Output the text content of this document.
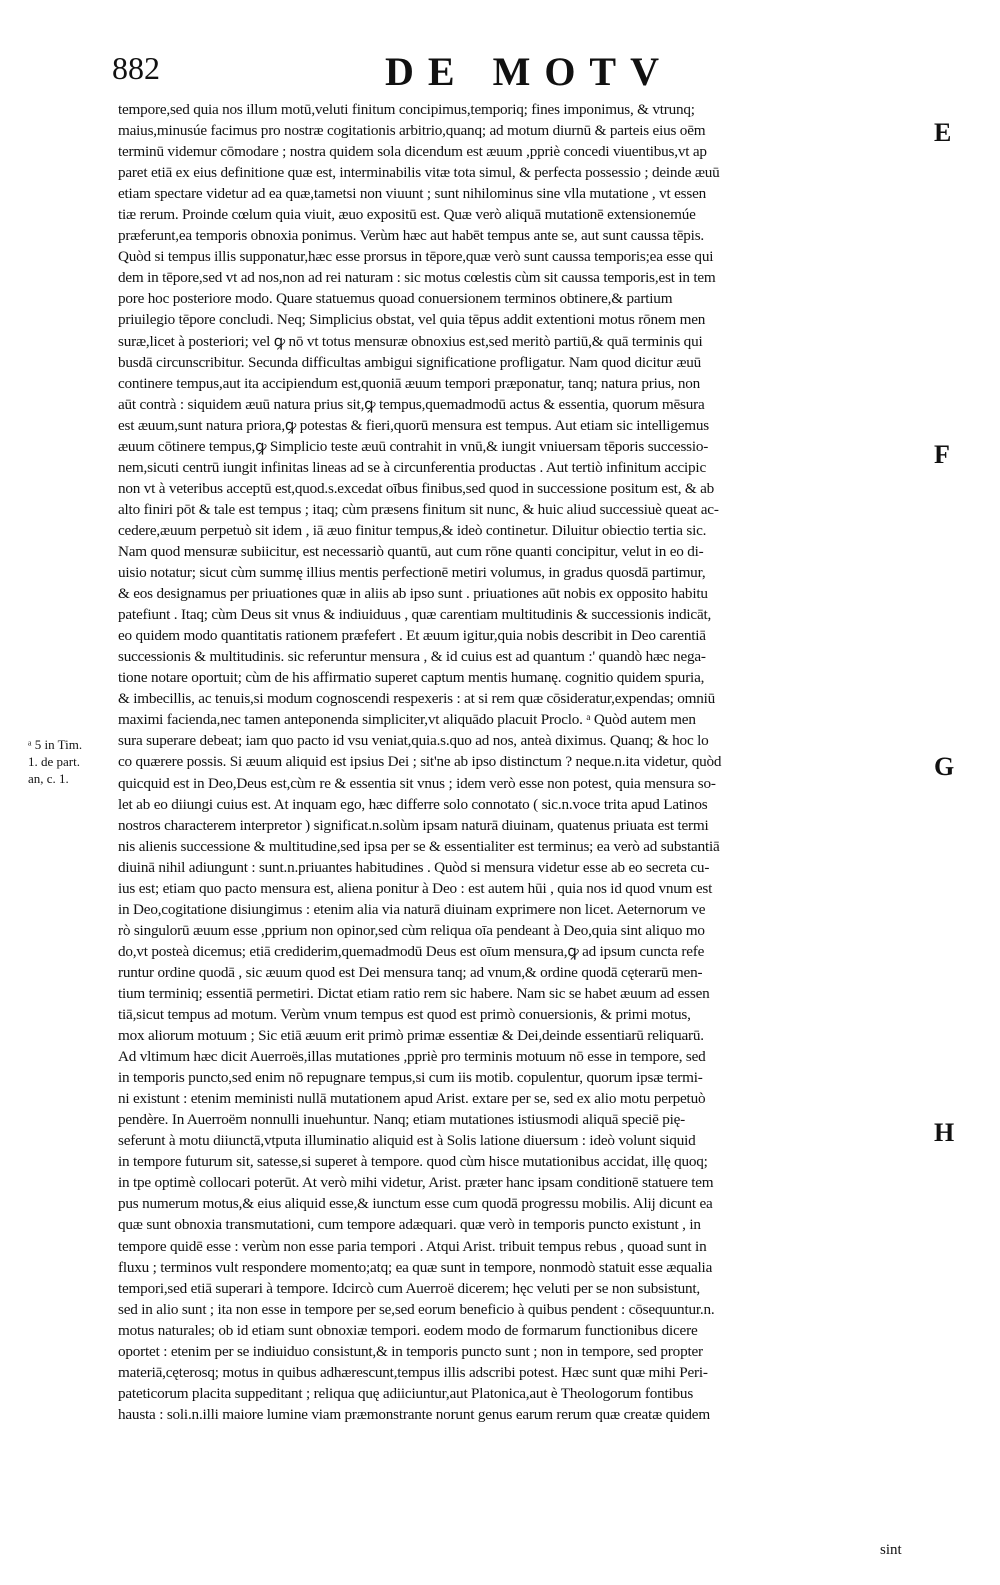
882	DE MOTV
E
F
G
H
ᵃ 5 in Tim.
1. de part.
an, c. 1.
tempore,sed quia nos illum motū,veluti finitum concipimus,temporiq; fines imponimus, & vtrunq;
maius,minusúe facimus pro nostræ cogitationis arbitrio,quanq; ad motum diurnū & parteis eius oēm
terminū videmur cōmodare ; nostra quidem sola dicendum est æuum ,ppriè concedi viuentibus,vt ap
paret etiā ex eius definitione quæ est, interminabilis vitæ tota simul, & perfecta possessio ; deinde æuū
etiam spectare videtur ad ea quæ,tametsi non viuunt ; sunt nihilominus sine vlla mutatione , vt essen
tiæ rerum. Proinde cœlum quia viuit, æuo expositū est. Quæ verò aliquā mutationē extensionemúe
præferunt,ea temporis obnoxia ponimus. Verùm hæc aut habēt tempus ante se, aut sunt caussa tēpis.
Quòd si tempus illis supponatur,hæc esse prorsus in tēpore,quæ verò sunt caussa temporis;ea esse qui
dem in tēpore,sed vt ad nos,non ad rei naturam : sic motus cœlestis cùm sit caussa temporis,est in tem
pore hoc posteriore modo. Quare statuemus quoad conuersionem terminos obtinere,& partium
priuilegio tēpore concludi. Neq; Simplicius obstat, vel quia tēpus addit extentioni motus rōnem men
suræ,licet à posteriori; vel ꝙ nō vt totus mensuræ obnoxius est,sed meritò partiū,& quā terminis qui
busdā circunscribitur. Secunda difficultas ambigui significatione profligatur. Nam quod dicitur æuū
continere tempus,aut ita accipiendum est,quoniā æuum tempori præponatur, tanq; natura prius, non
aūt contrà : siquidem æuū natura prius sit,ꝙ tempus,quemadmodū actus & essentia, quorum mēsura
est æuum,sunt natura priora,ꝙ potestas & fieri,quorū mensura est tempus. Aut etiam sic intelligemus
æuum cōtinere tempus,ꝙ Simplicio teste æuū contrahit in vnū,& iungit vniuersam tēporis successio-
nem,sicuti centrū iungit infinitas lineas ad se à circunferentia productas . Aut tertiò infinitum accipic
non vt à veteribus acceptū est,quod.s.excedat oībus finibus,sed quod in successione positum est, & ab
alto finiri pōt & tale est tempus ; itaq; cùm præsens finitum sit nunc, & huic aliud successiuè queat ac-
cedere,æuum perpetuò sit idem , iā æuo finitur tempus,& ideò continetur. Diluitur obiectio tertia sic.
Nam quod mensuræ subiicitur, est necessariò quantū, aut cum rōne quanti concipitur, velut in eo di-
uisio notatur; sicut cùm summę illius mentis perfectionē metiri volumus, in gradus quosdā partimur,
& eos designamus per priuationes quæ in aliis ab ipso sunt . priuationes aūt nobis ex opposito habitu
patefiunt . Itaq; cùm Deus sit vnus & indiuiduus , quæ carentiam multitudinis & successionis indicāt,
eo quidem modo quantitatis rationem præfefert . Et æuum igitur,quia nobis describit in Deo carentiā
successionis & multitudinis. sic referuntur mensura , & id cuius est ad quantum :' quandò hæc nega-
tione notare oportuit; cùm de his affirmatio superet captum mentis humanę. cognitio quidem spuria,
& imbecillis, ac tenuis,si modum cognoscendi respexeris : at si rem quæ cōsideratur,expendas; omniū
maximi facienda,nec tamen anteponenda simpliciter,vt aliquādo placuit Proclo. ᵃ Quòd autem men
sura superare debeat; iam quo pacto id vsu veniat,quia.s.quo ad nos, anteà diximus. Quanq; & hoc lo
co quærere possis. Si æuum aliquid est ipsius Dei ; sit'ne ab ipso distinctum ? neque.n.ita videtur, quòd
quicquid est in Deo,Deus est,cùm re & essentia sit vnus ; idem verò esse non potest, quia mensura so-
let ab eo diiungi cuius est. At inquam ego, hæc differre solo connotato ( sic.n.voce trita apud Latinos
nostros characterem interpretor ) significat.n.solùm ipsam naturā diuinam, quatenus priuata est termi
nis alienis successione & multitudine,sed ipsa per se & essentialiter est terminus; ea verò ad substantiā
diuinā nihil adiungunt : sunt.n.priuantes habitudines . Quòd si mensura videtur esse ab eo secreta cu-
ius est; etiam quo pacto mensura est, aliena ponitur à Deo : est autem hūi , quia nos id quod vnum est
in Deo,cogitatione disiungimus : etenim alia via naturā diuinam exprimere non licet. Aeternorum ve
rò singulorū æuum esse ,pprium non opinor,sed cùm reliqua oīa pendeant à Deo,quia sint aliquo mo
do,vt posteà dicemus; etiā crediderim,quemadmodū Deus est oīum mensura,ꝙ ad ipsum cuncta refe
runtur ordine quodā , sic æuum quod est Dei mensura tanq; ad vnum,& ordine quodā cęterarū men-
tium terminiq; essentiā permetiri. Dictat etiam ratio rem sic habere. Nam sic se habet æuum ad essen
tiā,sicut tempus ad motum. Verùm vnum tempus est quod est primò conuersionis, & primi motus,
mox aliorum motuum ; Sic etiā æuum erit primò primæ essentiæ & Dei,deinde essentiarū reliquarū.
Ad vltimum hæc dicit Auerroës,illas mutationes ,ppriè pro terminis motuum nō esse in tempore, sed
in temporis puncto,sed enim nō repugnare tempus,si cum iis motib. copulentur, quorum ipsæ termi-
ni existunt : etenim meministi nullā mutationem apud Arist. extare per se, sed ex alio motu perpetuò
pendère. In Auerroëm nonnulli inuehuntur. Nanq; etiam mutationes istiusmodi aliquā speciē pię-
seferunt à motu diiunctā,vtputa illuminatio aliquid est à Solis latione diuersum : ideò volunt siquid
in tempore futurum sit, satesse,si superet à tempore. quod cùm hisce mutationibus accidat, illę quoq;
in tpe optimè collocari poterūt. At verò mihi videtur, Arist. præter hanc ipsam conditionē statuere tem
pus numerum motus,& eius aliquid esse,& iunctum esse cum quodā progressu mobilis. Alij dicunt ea
quæ sunt obnoxia transmutationi, cum tempore adæquari. quæ verò in temporis puncto existunt , in
tempore quidē esse : verùm non esse paria tempori . Atqui Arist. tribuit tempus rebus , quoad sunt in
fluxu ; terminos vult respondere momento;atq; ea quæ sunt in tempore, nonmodò statuit esse æqualia
tempori,sed etiā superari à tempore. Idcircò cum Auerroë dicerem; hęc veluti per se non subsistunt,
sed in alio sunt ; ita non esse in tempore per se,sed eorum beneficio à quibus pendent : cōsequuntur.n.
motus naturales; ob id etiam sunt obnoxiæ tempori. eodem modo de formarum functionibus dicere
oportet : etenim per se indiuiduo consistunt,& in temporis puncto sunt ; non in tempore, sed propter
materiā,cęterosq; motus in quibus adhærescunt,tempus illis adscribi potest. Hæc sunt quæ mihi Peri-
pateticorum placita suppeditant ; reliqua quę adiiciuntur,aut Platonica,aut è Theologorum fontibus
hausta : soli.n.illi maiore lumine viam præmonstrante norunt genus earum rerum quæ creatæ quidem
sint
